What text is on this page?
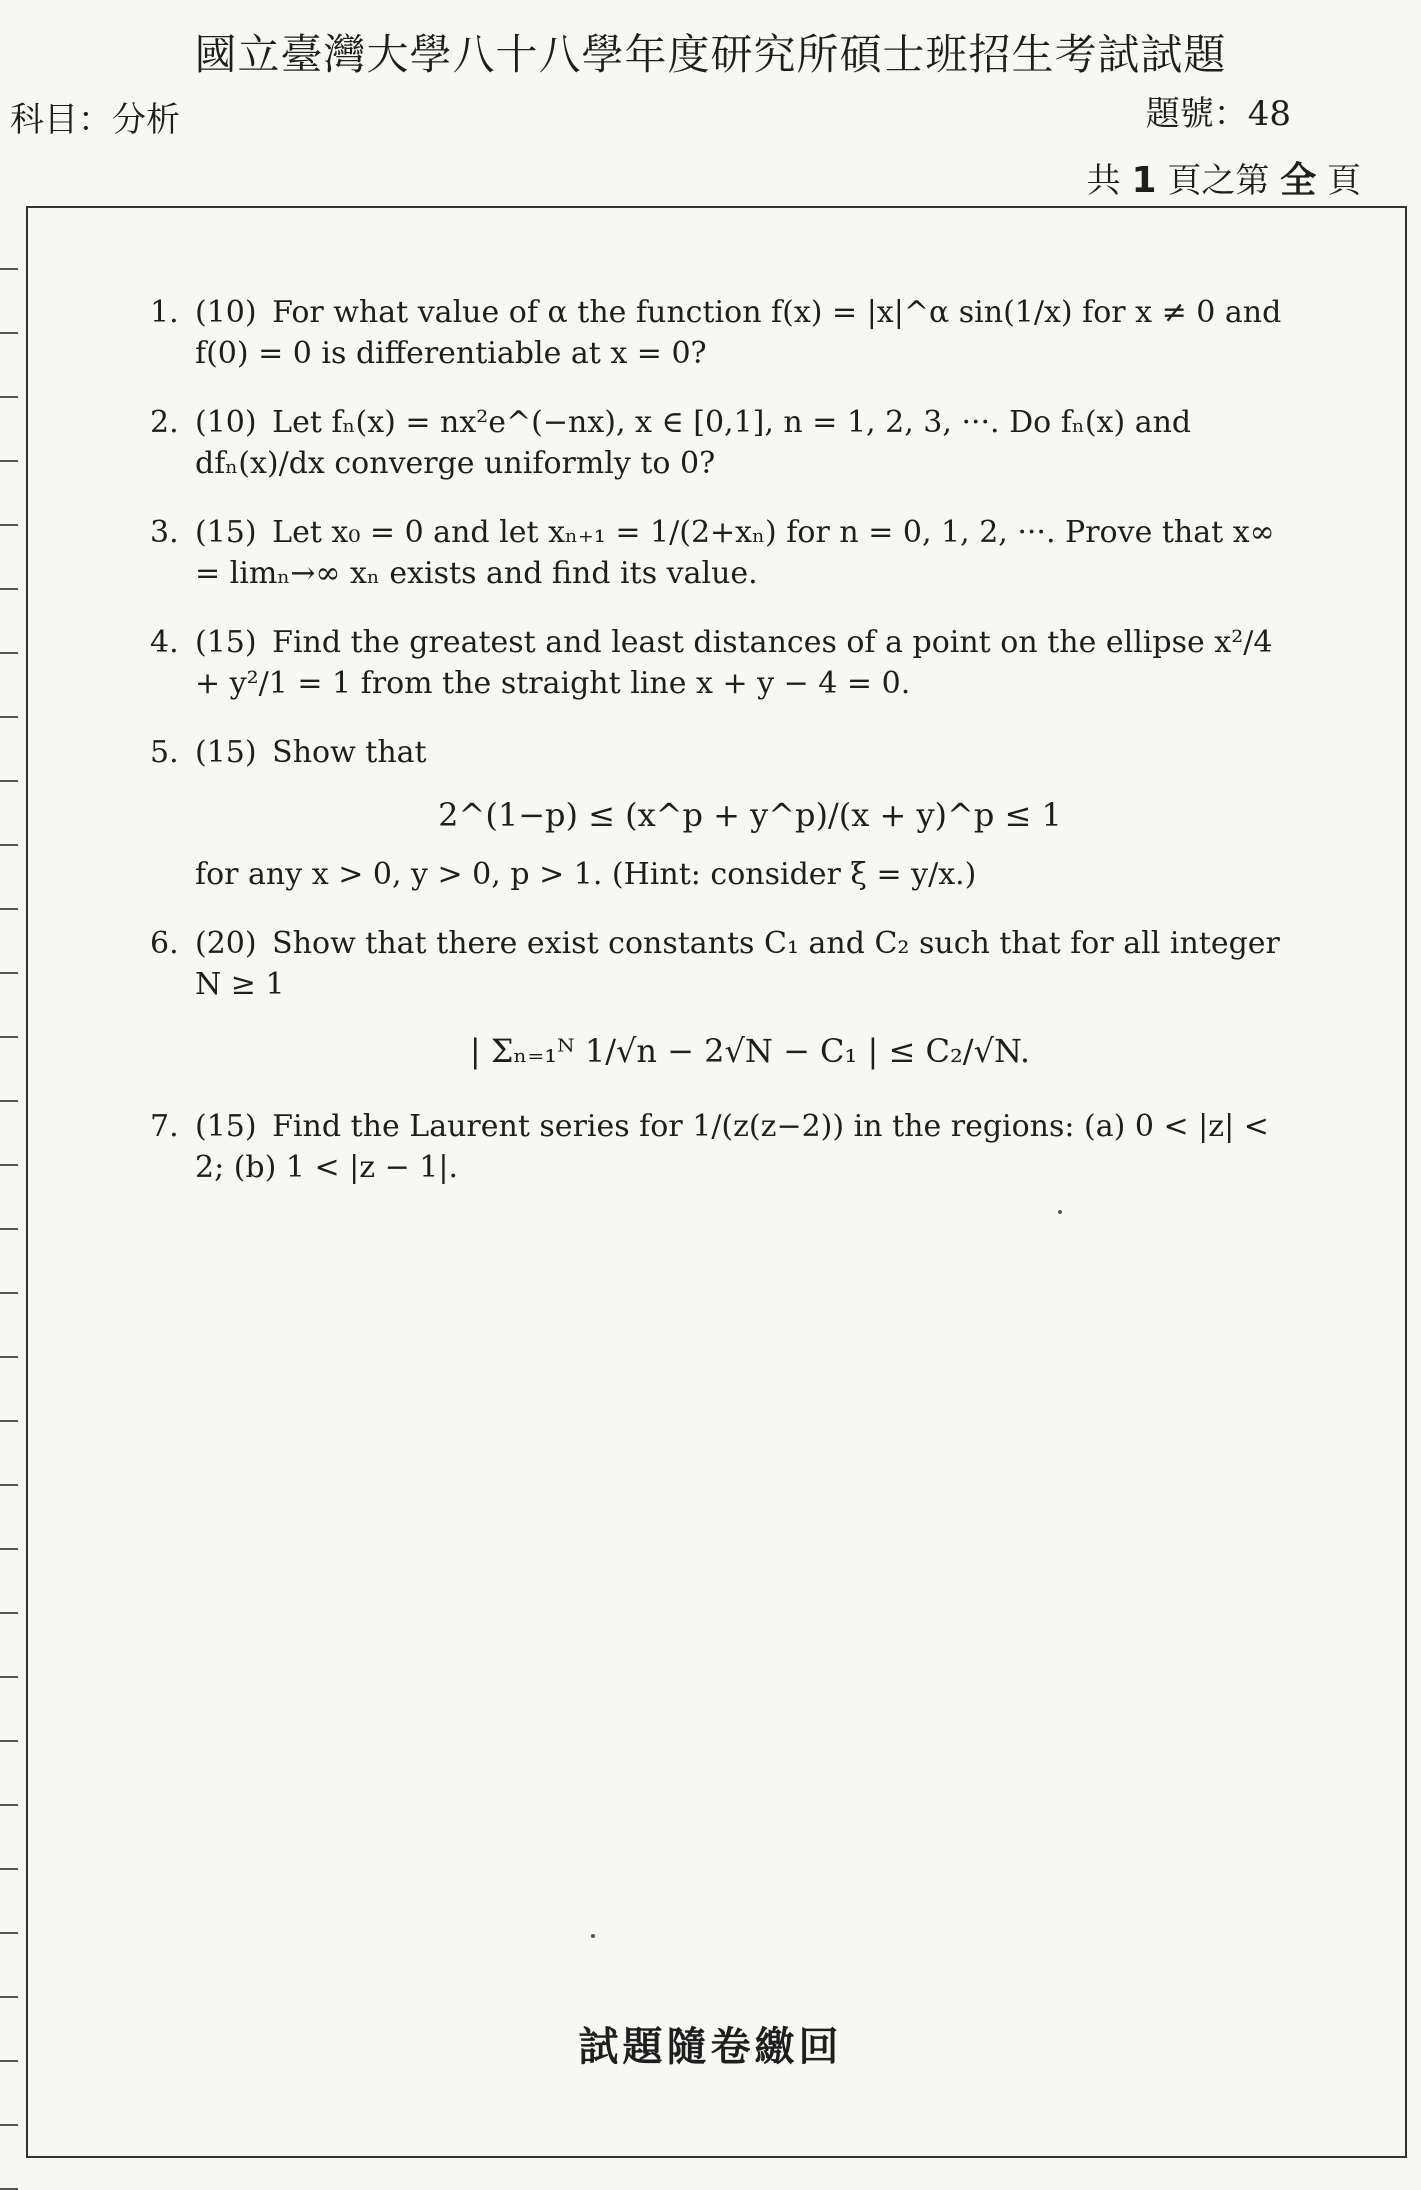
國立臺灣大學八十八學年度研究所碩士班招生考試試題
科目：分析	題號：48
共 1 頁之第 全 頁
1. (10) For what value of α the function f(x) = |x|^α sin(1/x) for x ≠ 0 and f(0) = 0 is differentiable at x = 0?
2. (10) Let fₙ(x) = nx²e^(−nx), x ∈ [0,1], n = 1, 2, 3, ···. Do fₙ(x) and dfₙ(x)/dx converge uniformly to 0?
3. (15) Let x₀ = 0 and let xₙ₊₁ = 1/(2+xₙ) for n = 0, 1, 2, ···. Prove that x∞ = limₙ→∞ xₙ exists and find its value.
4. (15) Find the greatest and least distances of a point on the ellipse x²/4 + y²/1 = 1 from the straight line x + y − 4 = 0.
5. (15) Show that
2^(1−p) ≤ (x^p + y^p)/(x + y)^p ≤ 1
for any x > 0, y > 0, p > 1. (Hint: consider ξ = y/x.)
6. (20) Show that there exist constants C₁ and C₂ such that for all integer N ≥ 1
| Σₙ₌₁ᴺ 1/√n − 2√N − C₁ | ≤ C₂/√N.
7. (15) Find the Laurent series for 1/(z(z−2)) in the regions: (a) 0 < |z| < 2; (b) 1 < |z − 1|.
試題隨卷繳回
